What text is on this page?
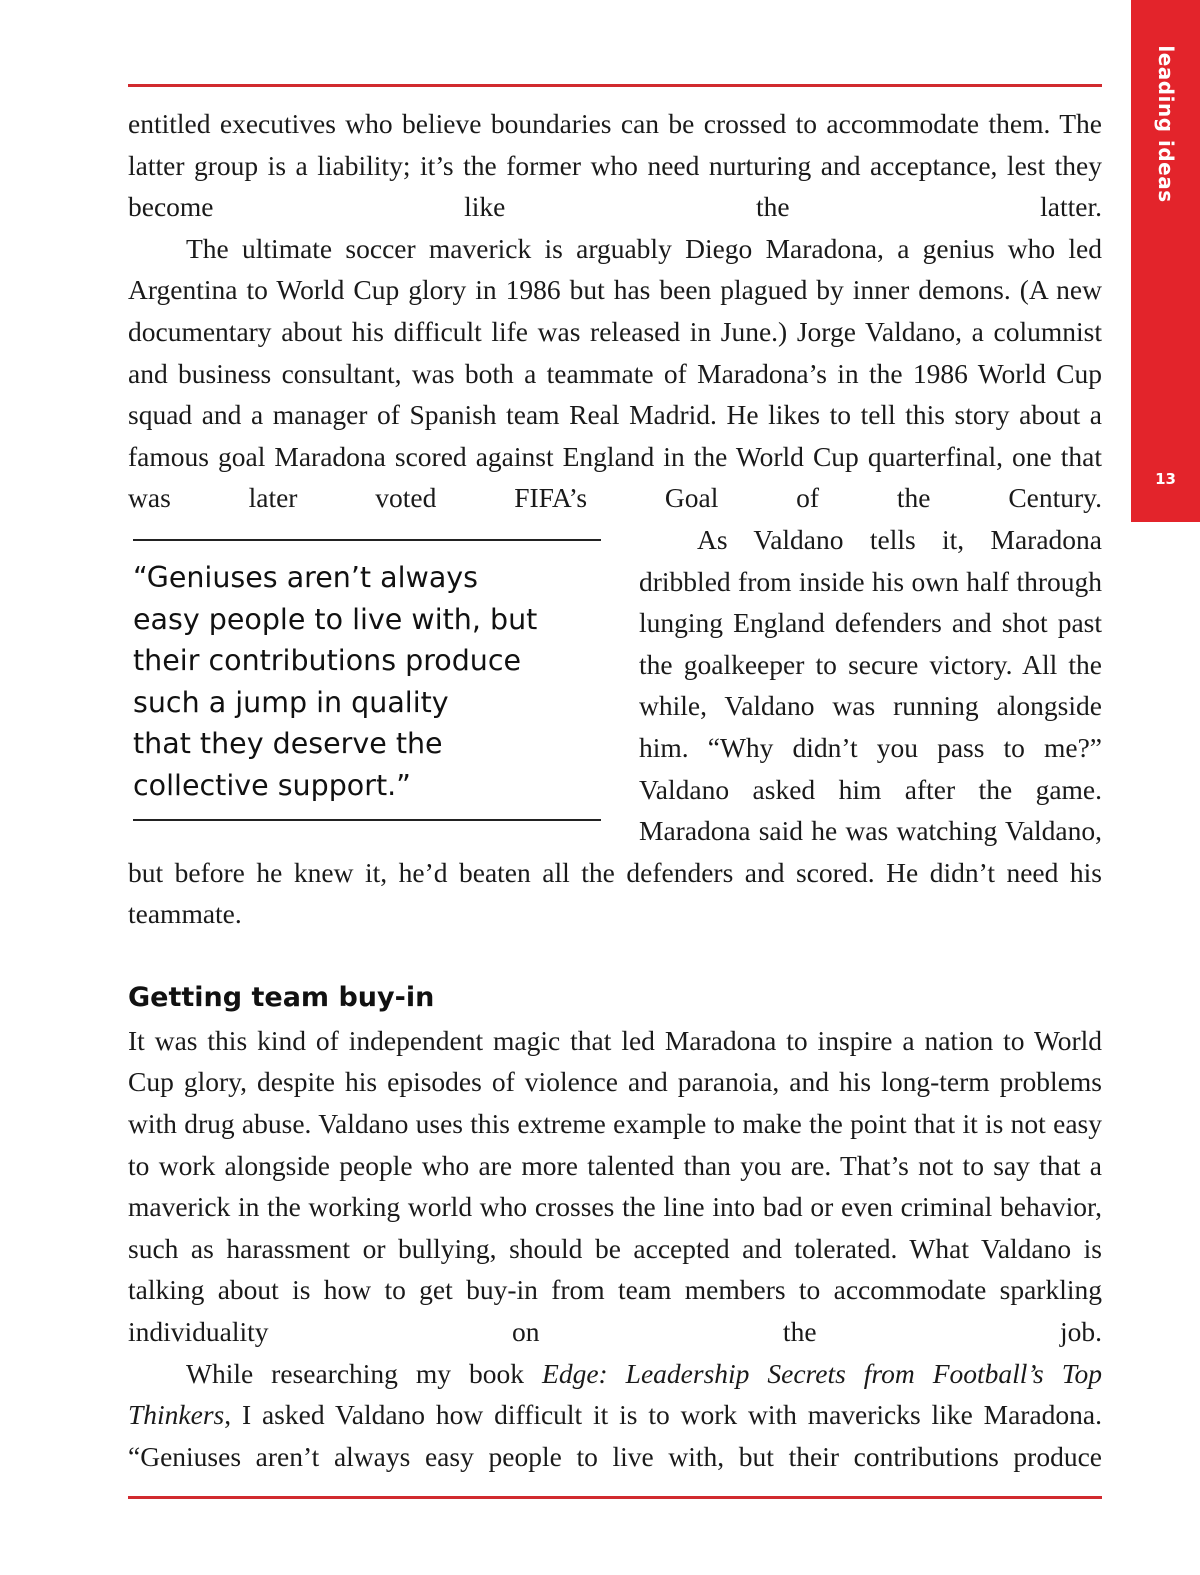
leading ideas
13

entitled executives who believe boundaries can be crossed to accommodate them. The latter group is a liability; it’s the former who need nurturing and acceptance, lest they become like the latter.

The ultimate soccer maverick is arguably Diego Maradona, a genius who led Argentina to World Cup glory in 1986 but has been plagued by inner demons. (A new documentary about his difficult life was released in June.) Jorge Valdano, a columnist and business consultant, was both a teammate of Maradona’s in the 1986 World Cup squad and a manager of Spanish team Real Madrid. He likes to tell this story about a famous goal Maradona scored against England in the World Cup quarterfinal, one that was later voted FIFA’s Goal of the Century.

“Geniuses aren’t always
easy people to live with, but
their contributions produce
such a jump in quality
that they deserve the
collective support.”

As Valdano tells it, Maradona dribbled from inside his own half through lunging England defenders and shot past the goalkeeper to secure victory. All the while, Valdano was running alongside him. “Why didn’t you pass to me?” Valdano asked him after the game. Maradona said he was watching Valdano, but before he knew it, he’d beaten all the defenders and scored. He didn’t need his teammate.

Getting team buy-in

It was this kind of independent magic that led Maradona to inspire a nation to World Cup glory, despite his episodes of violence and paranoia, and his long-term problems with drug abuse. Valdano uses this extreme example to make the point that it is not easy to work alongside people who are more talented than you are. That’s not to say that a maverick in the working world who crosses the line into bad or even criminal behavior, such as harassment or bullying, should be accepted and tolerated. What Valdano is talking about is how to get buy-in from team members to accommodate sparkling individuality on the job.

While researching my book Edge: Leadership Secrets from Football’s Top Thinkers, I asked Valdano how difficult it is to work with mavericks like Maradona. “Geniuses aren’t always easy people to live with, but their contributions produce
